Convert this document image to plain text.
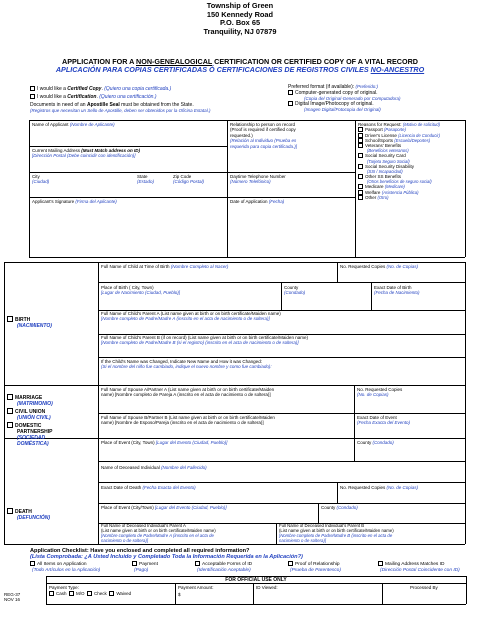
Township of Green
150 Kennedy Road
P.O. Box 65
Tranquility, NJ 07879
APPLICATION FOR A NON-GENEALOGICAL CERTIFICATION OR CERTIFIED COPY OF A VITAL RECORD
APLICACIÓN PARA COPIAS CERTIFICADAS Ó CERTIFICACIONES DE REGISTROS CIVILES NO-ANCESTRO
I would like a Certified Copy. (Quiero una copia certificada.)
I would like a Certification. (Quiero una certificación.)
Documents in need of an Apostille Seal must be obtained from the State.
(Registros que necesitan un Sello de Apostille, deben ser obtenidos por la Oficina Estatal.)
Preferred format (if available): (Preferido:)
Computer-generated copy of original.
(Copia del Original-Generado por Computadora)
Digital Image/Photocopy of original.
(Imagen Digital/Fotocopia del Original)
Name of Applicant (Nombre de Aplicante)	Relationship to person on record
(Proof is required if certified copy
requested.)
(Relación al Individuo (Prueba es
requerida para copia certificada.)]
Current Mailing Address (Must Match address on ID)
[Dirección Postal (Debe coincidir con identificación)]
City
(Ciudad)
State
(Estado)
Zip Code
(Código Postal)
Daytime Telephone Number
(Número Telefónico)
Applicant's Signature (Firma del Aplicante)	Date of Application (Fecha)
Reasons for Request: (Motivo de solicitud)
Passport (Pasaporte)
Driver's License (Licencia de Conducir)
School/Sports (Escuela/Deportes)
Veterans' Benefits
(Beneficios veteranos)
Social Security Card
(Tarjeta Seguro Social)
Social Security Disability
(SSI / Incapacidad)
Other SS Benefits
(Otros beneficios de seguro social)
Medicare (Medicare)
Welfare (Asistencia Pública)
Other (Otro)
BIRTH
(NACIMIENTO)
Full Name of Child at Time of Birth (Nombre Completo al Nacer)	No. Requested Copies (No. de Copias)
Place of Birth ( City, Town)
[Lugar de Nacimiento (Ciudad, Pueblo)]
County
(Condado)
Exact Date of Birth
(Fecha de Nacimiento)
Full Name of Child's Parent A (List name given at birth or on birth certificate/Maiden name)
[Nombre completo de Padre/Madre A (inscrito en el acta de nacimiento o de soltera)]
Full Name of Child's Parent B (if on record) (List name given at birth or on birth certificate/Maiden name)
[Nombre completo de Padre/Madre B (si el registro) (inscrito en el acta de nacimiento o de soltera)]
If the Child's Name was Changed, Indicate New Name and How it was Changed:
(Si el nombre del niño fue cambiado, indique el nuevo nombre y como fue cambiado):
MARRIAGE
(MATRIMONIO)
CIVIL UNION
(UNIÓN CIVIL)
DOMESTIC
PARTNERSHIP
(SOCIEDAD
DOMÉSTICA)
Full Name of Spouse A/Partner A (List name given at birth or on birth certificate/Maiden
name) [Nombre completo de Pareja A (inscrito en el acta de nacimiento o de soltera)]
No. Requested Copies
(No. de Copias)
Full Name of Spouse B/Partner B (List name given at birth or on birth certificate/Maiden
name) [Nombre de Esposo/Pareja (inscrito en el acta de nacimiento o de soltera)]
Exact Date of Event
(Fecha Exacta del Evento)
Place of Event (City, Town) [Lugar del Evento (Ciudad, Pueblo)]	County (Condado)
DEATH
(DEFUNCIÓN)
Name of Deceased Individual (Nombre del Fallecido)
Exact Date of Death (Fecha Exacta del Evento)	No. Requested Copies (No. de Copias)
Place of Event (City/Town) [Lugar del Evento (Ciudad, Pueblo)]	County (Condado)
Full Name of Deceased Individual's Parent A
(List name given at birth or on birth certificate/Maiden name)
[Nombre completo de Padre/Madre A (inscrito en el acta de
nacimiento o de soltera)]
Full Name of Deceased Individual's Parent B
(List name given at birth or on birth certificate/Maiden name)
[Nombre completo de Padre/Madre B (inscrito en el acta de
nacimiento o de soltera)]
Application Checklist: Have you enclosed and completed all required information?
(Lista Comprobada: ¿A Usted Incluido y Completado Toda la Información Requerida en la Aplicación?)
All Items on Application
(Todo Artículos en la Aplicación)
Payment
(Pago)
Acceptable Forms of ID
(Identificación Aceptable)
Proof of Relationship
(Prueba de Parentesco)
Mailing Address Matches ID
(Dirección Postal Coincidente con ID)
REG-37
NOV 16
FOR OFFICIAL USE ONLY
Payment Type:
Cash M/O Check Waived
Payment Amount:
$
ID Viewed:	Processed By
